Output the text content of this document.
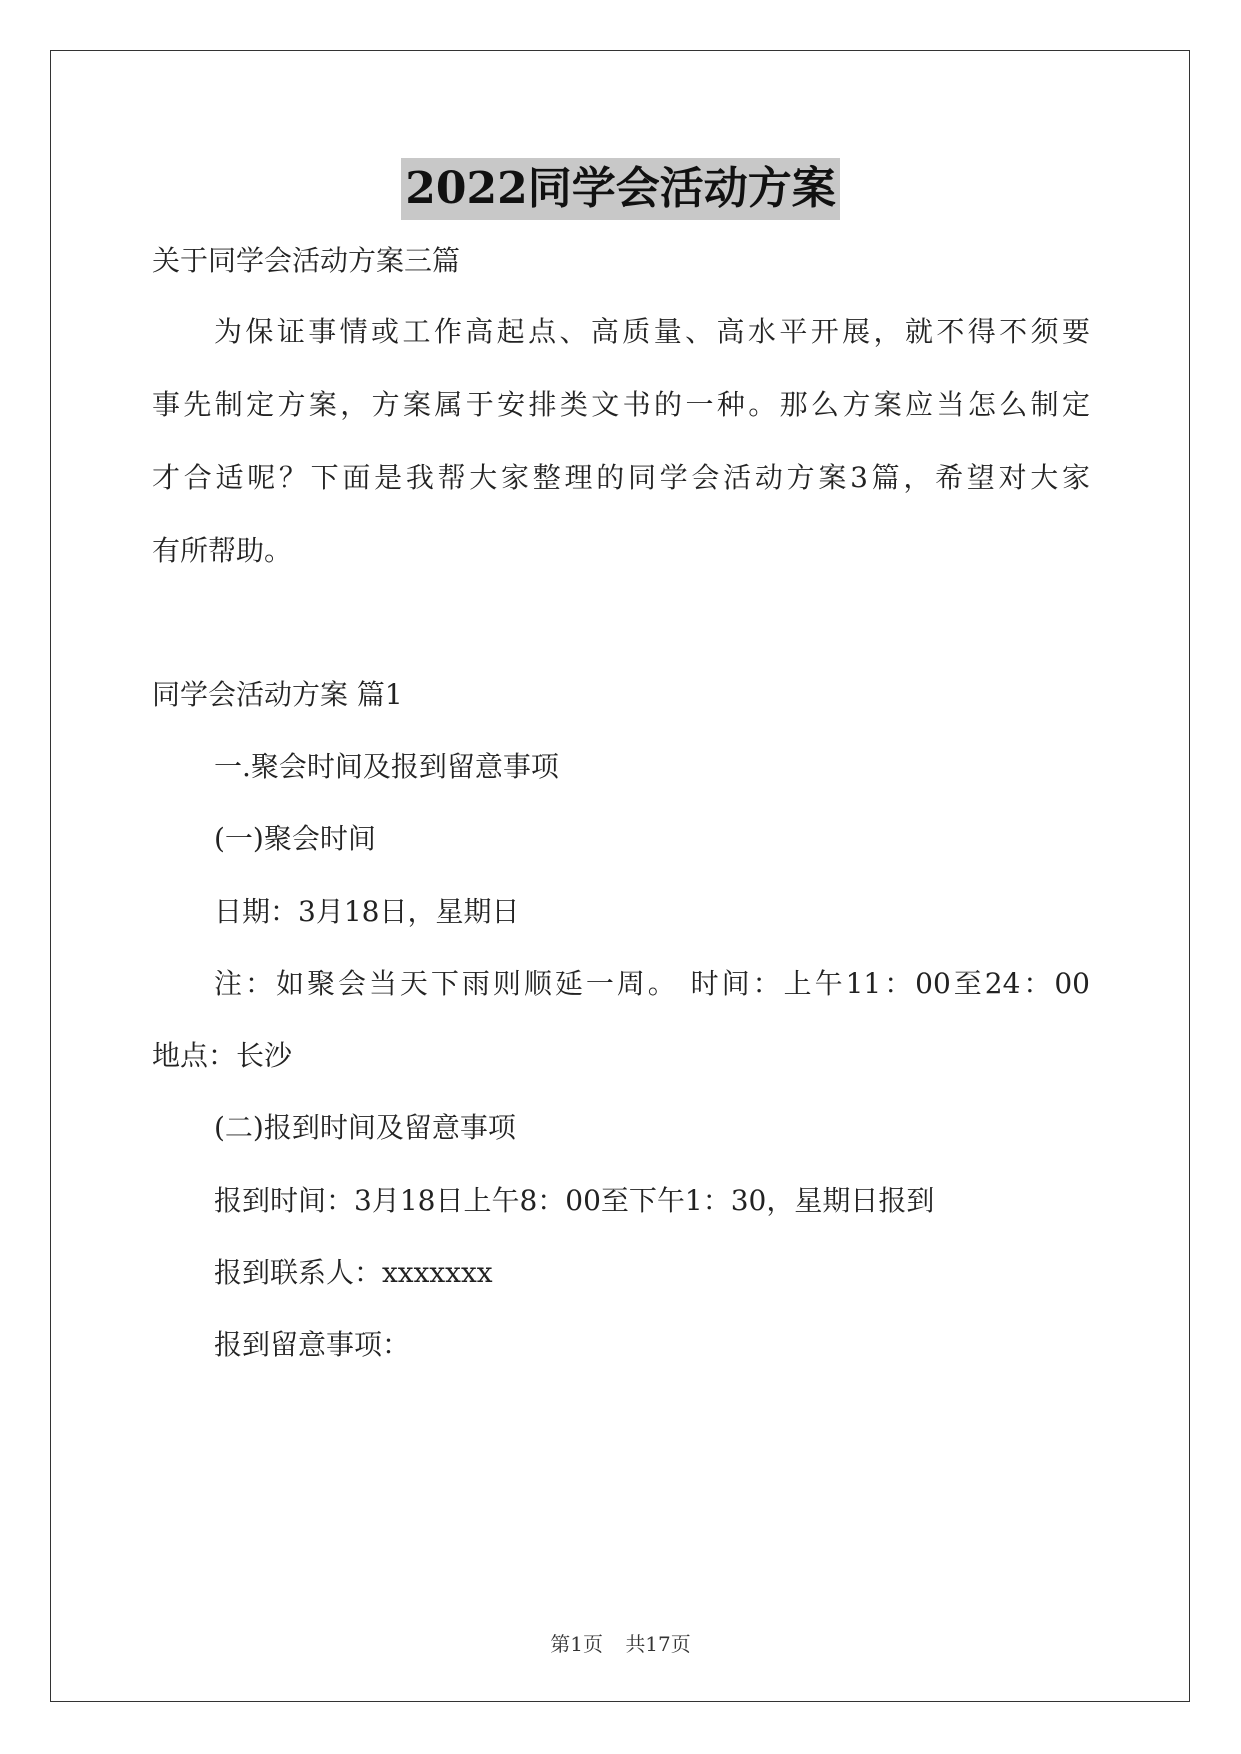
2022同学会活动方案
关于同学会活动方案三篇
为保证事情或工作高起点、高质量、高水平开展，就不得不须要
事先制定方案，方案属于安排类文书的一种。那么方案应当怎么制定
才合适呢？下面是我帮大家整理的同学会活动方案3篇，希望对大家
有所帮助。
同学会活动方案 篇1
一.聚会时间及报到留意事项
(一)聚会时间
日期：3月18日，星期日
注：如聚会当天下雨则顺延一周。 时间：上午11：00至24：00
地点：长沙
(二)报到时间及留意事项
报到时间：3月18日上午8：00至下午1：30，星期日报到
报到联系人：xxxxxxx
报到留意事项：
第1页 共17页
